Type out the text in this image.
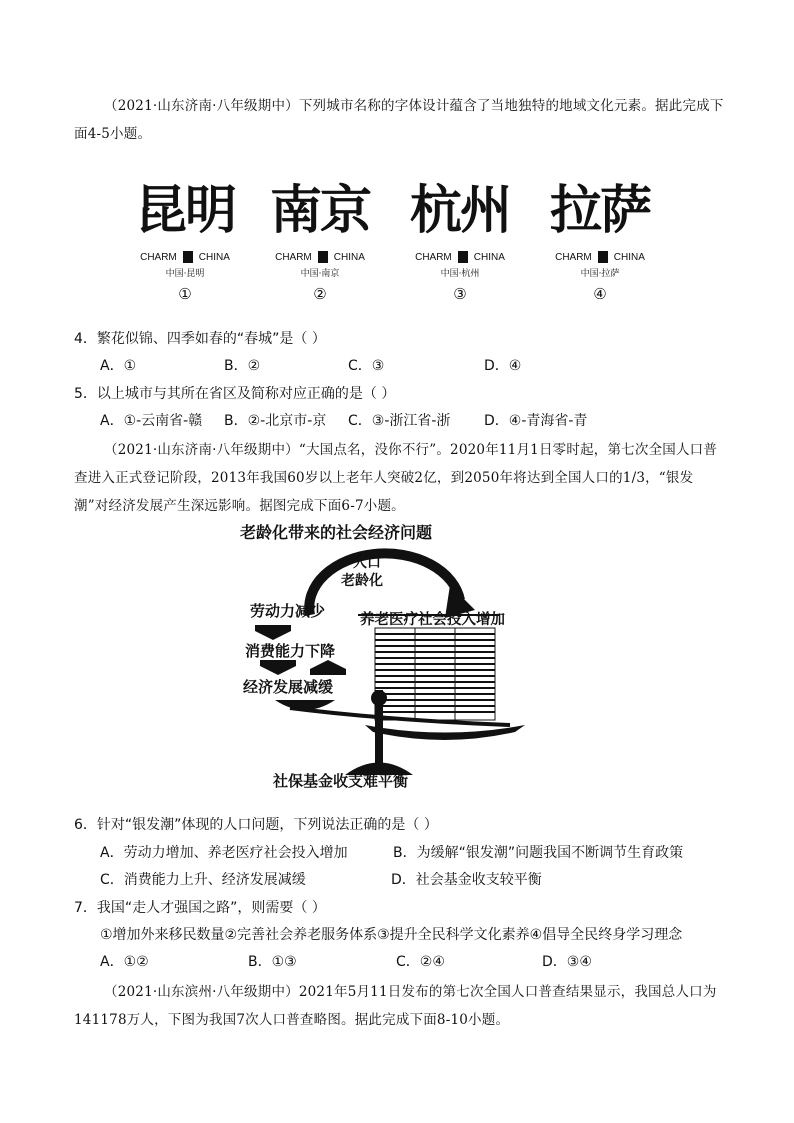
（2021·山东济南·八年级期中）下列城市名称的字体设计蕴含了当地独特的地域文化元素。据此完成下面4-5小题。
昆明
CHARM CHINA
中国·昆明
①
南京
CHARM CHINA
中国·南京
②
杭州
CHARM CHINA
中国·杭州
③
拉萨
CHARM CHINA
中国·拉萨
④
4．繁花似锦、四季如春的“春城”是（ ）
A．①	B．②	C．③	D．④
5．以上城市与其所在省区及简称对应正确的是（ ）
A．①-云南省-赣 B．②-北京市-京 C．③-浙江省-浙 D．④-青海省-青
（2021·山东济南·八年级期中）“大国点名，没你不行”。2020年11月1日零时起，第七次全国人口普查进入正式登记阶段，2013年我国60岁以上老年人突破2亿，到2050年将达到全国人口的1/3，“银发潮”对经济发展产生深远影响。据图完成下面6-7小题。
老龄化带来的社会经济问题
人口
老龄化
劳动力减少
消费能力下降
经济发展减缓
养老医疗社会投入增加
社保基金收支难平衡
6．针对“银发潮”体现的人口问题，下列说法正确的是（ ）
A．劳动力增加、养老医疗社会投入增加	B．为缓解“银发潮”问题我国不断调节生育政策
C．消费能力上升、经济发展减缓	D．社会基金收支较平衡
7．我国“走人才强国之路”，则需要（ ）
①增加外来移民数量②完善社会养老服务体系③提升全民科学文化素养④倡导全民终身学习理念
A．①②	B．①③	C．②④	D．③④
（2021·山东滨州·八年级期中）2021年5月11日发布的第七次全国人口普查结果显示，我国总人口为141178万人，下图为我国7次人口普查略图。据此完成下面8-10小题。
